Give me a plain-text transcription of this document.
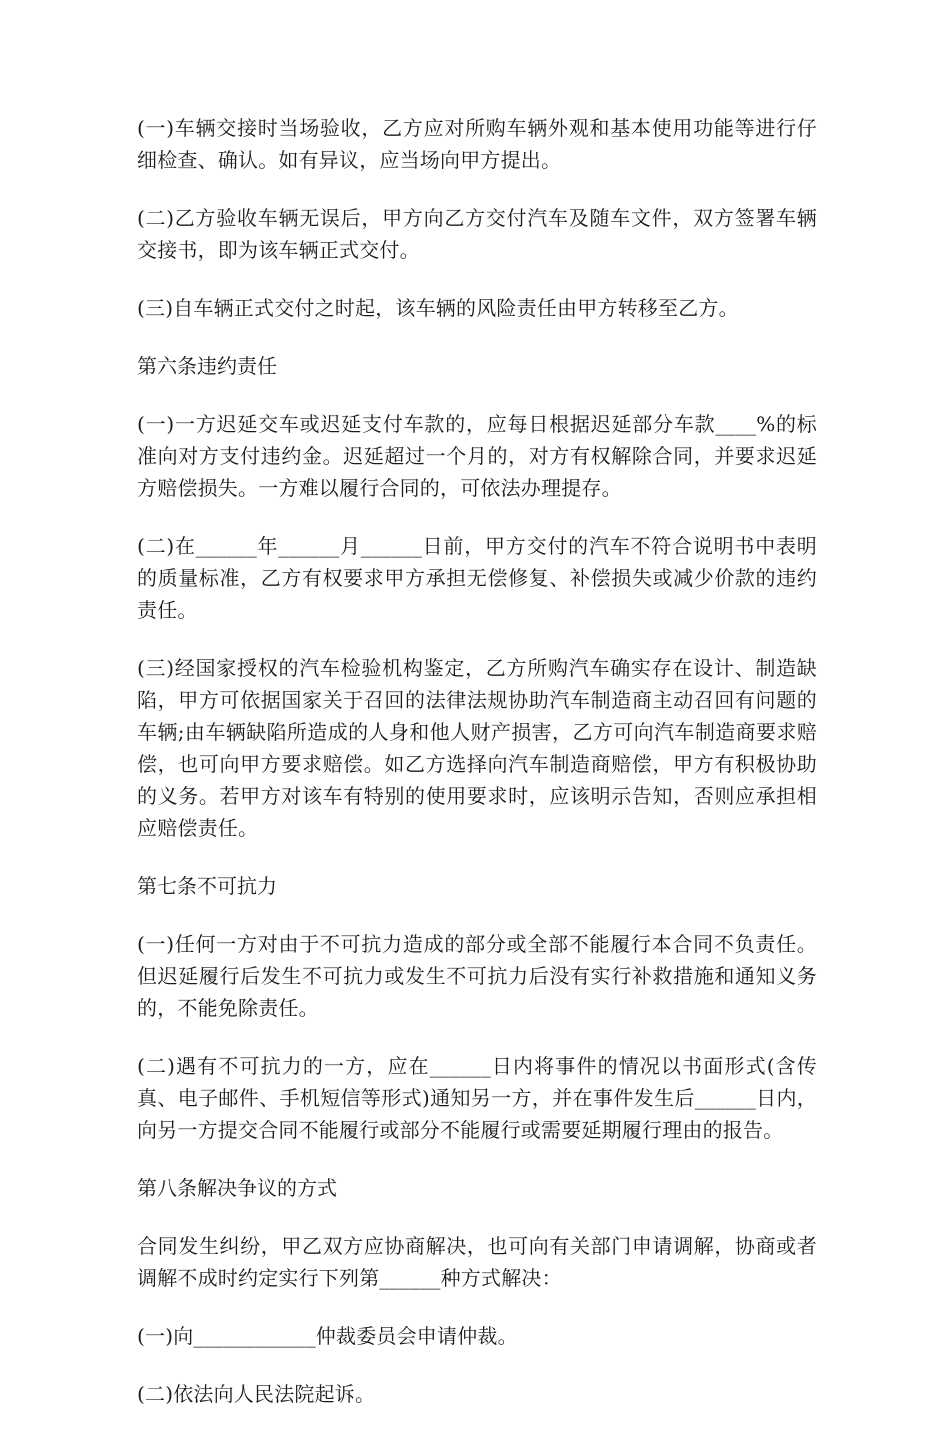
(一)车辆交接时当场验收，乙方应对所购车辆外观和基本使用功能等进行仔细检查、确认。如有异议，应当场向甲方提出。

(二)乙方验收车辆无误后，甲方向乙方交付汽车及随车文件，双方签署车辆交接书，即为该车辆正式交付。

(三)自车辆正式交付之时起，该车辆的风险责任由甲方转移至乙方。

第六条违约责任

(一)一方迟延交车或迟延支付车款的，应每日根据迟延部分车款____%的标准向对方支付违约金。迟延超过一个月的，对方有权解除合同，并要求迟延方赔偿损失。一方难以履行合同的，可依法办理提存。

(二)在______年______月______日前，甲方交付的汽车不符合说明书中表明的质量标准，乙方有权要求甲方承担无偿修复、补偿损失或减少价款的违约责任。

(三)经国家授权的汽车检验机构鉴定，乙方所购汽车确实存在设计、制造缺陷，甲方可依据国家关于召回的法律法规协助汽车制造商主动召回有问题的车辆;由车辆缺陷所造成的人身和他人财产损害，乙方可向汽车制造商要求赔偿，也可向甲方要求赔偿。如乙方选择向汽车制造商赔偿，甲方有积极协助的义务。若甲方对该车有特别的使用要求时，应该明示告知，否则应承担相应赔偿责任。

第七条不可抗力

(一)任何一方对由于不可抗力造成的部分或全部不能履行本合同不负责任。但迟延履行后发生不可抗力或发生不可抗力后没有实行补救措施和通知义务的，不能免除责任。

(二)遇有不可抗力的一方，应在______日内将事件的情况以书面形式(含传真、电子邮件、手机短信等形式)通知另一方，并在事件发生后______日内，向另一方提交合同不能履行或部分不能履行或需要延期履行理由的报告。

第八条解决争议的方式

合同发生纠纷，甲乙双方应协商解决，也可向有关部门申请调解，协商或者调解不成时约定实行下列第______种方式解决：

(一)向____________仲裁委员会申请仲裁。

(二)依法向人民法院起诉。
